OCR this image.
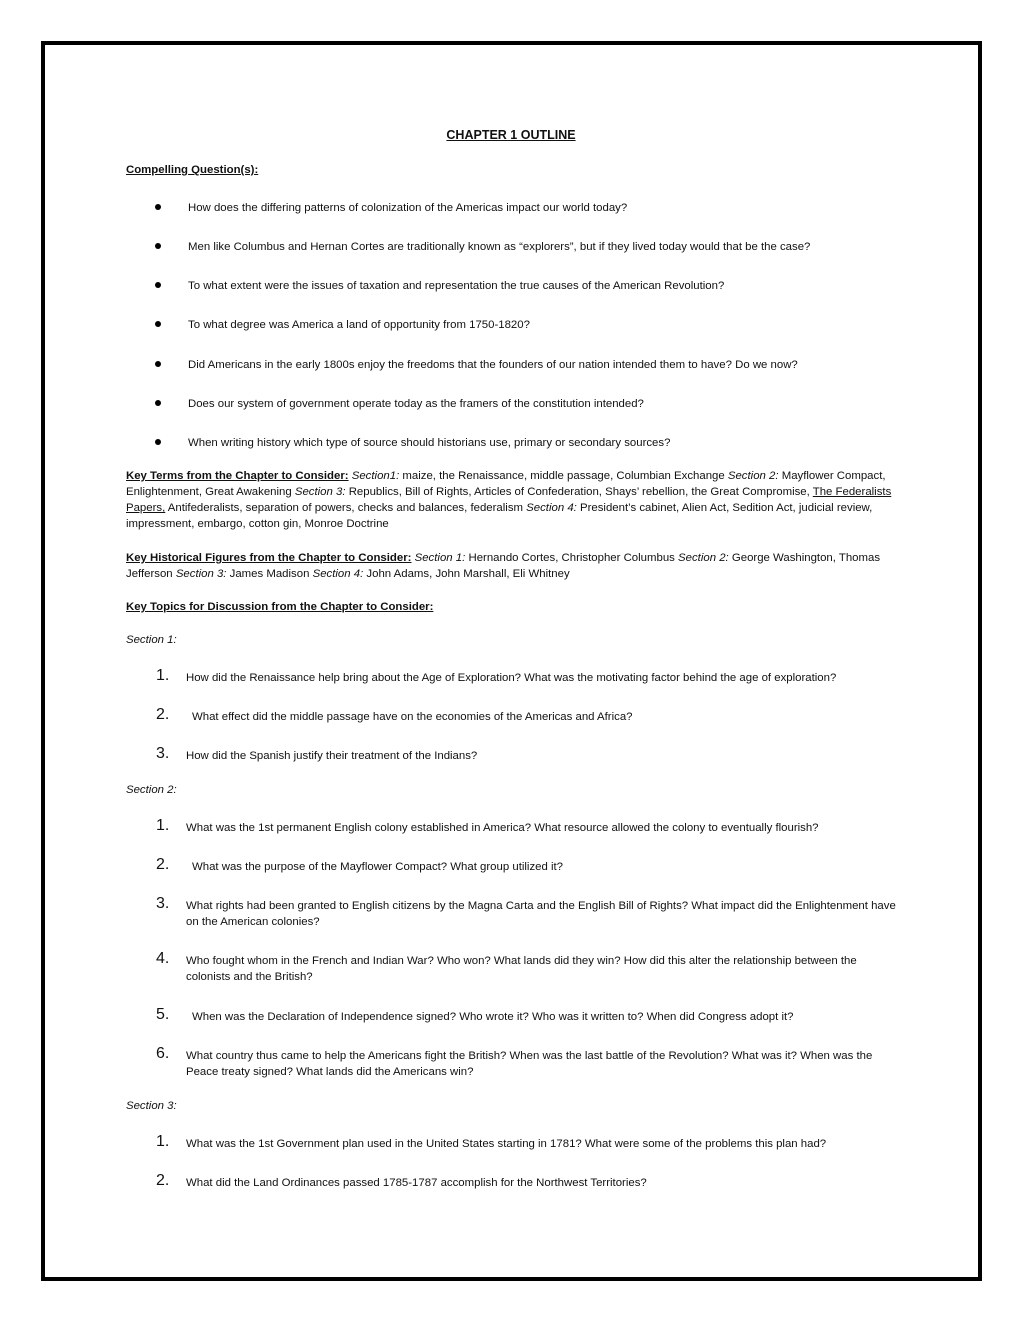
CHAPTER 1 OUTLINE
Compelling Question(s):
How does the differing patterns of colonization of the Americas impact our world today?
Men like Columbus and Hernan Cortes are traditionally known as “explorers”, but if they lived today would that be the case?
To what extent were the issues of taxation and representation the true causes of the American Revolution?
To what degree was America a land of opportunity from 1750-1820?
Did Americans in the early 1800s enjoy the freedoms that the founders of our nation intended them to have? Do we now?
Does our system of government operate today as the framers of the constitution intended?
When writing history which type of source should historians use, primary or secondary sources?
Key Terms from the Chapter to Consider: Section1: maize, the Renaissance, middle passage, Columbian Exchange Section 2: Mayflower Compact, Enlightenment, Great Awakening Section 3: Republics, Bill of Rights, Articles of Confederation, Shays’ rebellion, the Great Compromise, The Federalists Papers, Antifederalists, separation of powers, checks and balances, federalism Section 4: President’s cabinet, Alien Act, Sedition Act, judicial review, impressment, embargo, cotton gin, Monroe Doctrine
Key Historical Figures from the Chapter to Consider: Section 1: Hernando Cortes, Christopher Columbus Section 2: George Washington, Thomas Jefferson Section 3: James Madison Section 4: John Adams, John Marshall, Eli Whitney
Key Topics for Discussion from the Chapter to Consider:
Section 1:
1. How did the Renaissance help bring about the Age of Exploration? What was the motivating factor behind the age of exploration?
2. What effect did the middle passage have on the economies of the Americas and Africa?
3. How did the Spanish justify their treatment of the Indians?
Section 2:
1. What was the 1st permanent English colony established in America? What resource allowed the colony to eventually flourish?
2. What was the purpose of the Mayflower Compact? What group utilized it?
3. What rights had been granted to English citizens by the Magna Carta and the English Bill of Rights? What impact did the Enlightenment have on the American colonies?
4. Who fought whom in the French and Indian War? Who won? What lands did they win? How did this alter the relationship between the colonists and the British?
5. When was the Declaration of Independence signed? Who wrote it? Who was it written to? When did Congress adopt it?
6. What country thus came to help the Americans fight the British? When was the last battle of the Revolution? What was it? When was the Peace treaty signed? What lands did the Americans win?
Section 3:
1. What was the 1st Government plan used in the United States starting in 1781? What were some of the problems this plan had?
2. What did the Land Ordinances passed 1785-1787 accomplish for the Northwest Territories?
